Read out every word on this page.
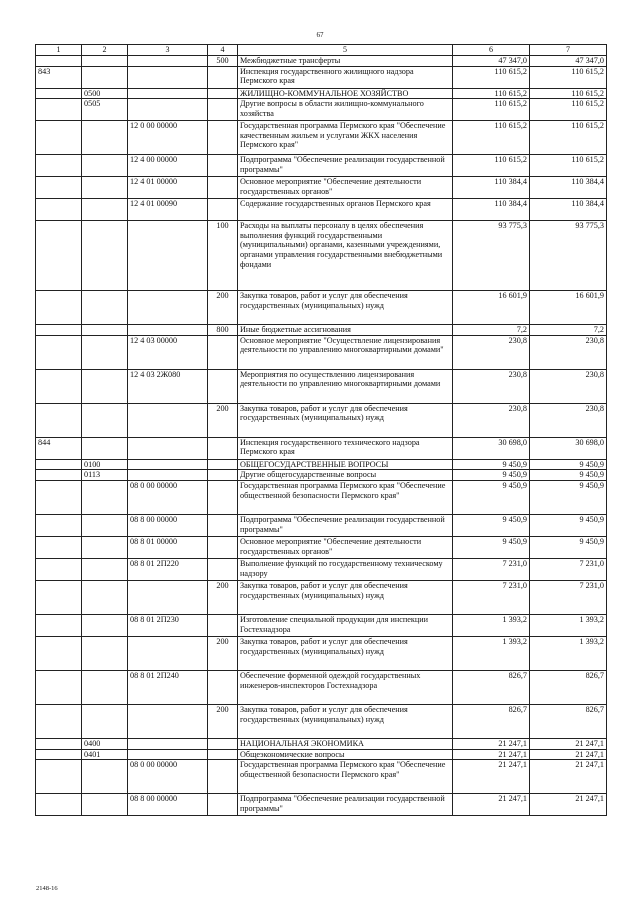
67
1	2	3	4	5	6	7
			500	Межбюджетные трансферты	47 347,0	47 347,0
843				Инспекция государственного жилищного надзора Пермского края	110 615,2	110 615,2
	0500			ЖИЛИЩНО-КОММУНАЛЬНОЕ ХОЗЯЙСТВО	110 615,2	110 615,2
	0505			Другие вопросы в области жилищно-коммунального хозяйства	110 615,2	110 615,2
		12 0 00 00000		Государственная программа Пермского края "Обеспечение качественным жильем и услугами ЖКХ населения Пермского края"	110 615,2	110 615,2
		12 4 00 00000		Подпрограмма "Обеспечение реализации государственной программы"	110 615,2	110 615,2
		12 4 01 00000		Основное мероприятие "Обеспечение деятельности государственных органов"	110 384,4	110 384,4
		12 4 01 00090		Содержание государственных органов Пермского края	110 384,4	110 384,4
			100	Расходы на выплаты персоналу в целях обеспечения выполнения функций государственными (муниципальными) органами, казенными учреждениями, органами управления государственными внебюджетными фондами	93 775,3	93 775,3
			200	Закупка товаров, работ и услуг для обеспечения государственных (муниципальных) нужд	16 601,9	16 601,9
			800	Иные бюджетные ассигнования	7,2	7,2
		12 4 03 00000		Основное мероприятие "Осуществление лицензирования деятельности по управлению многоквартирными домами"	230,8	230,8
		12 4 03 2Ж080		Мероприятия по осуществлению лицензирования деятельности по управлению многоквартирными домами	230,8	230,8
			200	Закупка товаров, работ и услуг для обеспечения государственных (муниципальных) нужд	230,8	230,8
844				Инспекция государственного технического надзора Пермского края	30 698,0	30 698,0
	0100			ОБЩЕГОСУДАРСТВЕННЫЕ ВОПРОСЫ	9 450,9	9 450,9
	0113			Другие общегосударственные вопросы	9 450,9	9 450,9
		08 0 00 00000		Государственная программа Пермского края "Обеспечение общественной безопасности Пермского края"	9 450,9	9 450,9
		08 8 00 00000		Подпрограмма "Обеспечение реализации государственной программы"	9 450,9	9 450,9
		08 8 01 00000		Основное мероприятие "Обеспечение деятельности государственных органов"	9 450,9	9 450,9
		08 8 01 2П220		Выполнение функций по государственному техническому надзору	7 231,0	7 231,0
			200	Закупка товаров, работ и услуг для обеспечения государственных (муниципальных) нужд	7 231,0	7 231,0
		08 8 01 2П230		Изготовление специальной продукции для инспекции Гостехнадзора	1 393,2	1 393,2
			200	Закупка товаров, работ и услуг для обеспечения государственных (муниципальных) нужд	1 393,2	1 393,2
		08 8 01 2П240		Обеспечение форменной одеждой государственных инженеров-инспекторов Гостехнадзора	826,7	826,7
			200	Закупка товаров, работ и услуг для обеспечения государственных (муниципальных) нужд	826,7	826,7
	0400			НАЦИОНАЛЬНАЯ ЭКОНОМИКА	21 247,1	21 247,1
	0401			Общеэкономические вопросы	21 247,1	21 247,1
		08 0 00 00000		Государственная программа Пермского края "Обеспечение общественной безопасности Пермского края"	21 247,1	21 247,1
		08 8 00 00000		Подпрограмма "Обеспечение реализации государственной программы"	21 247,1	21 247,1
2148-16
